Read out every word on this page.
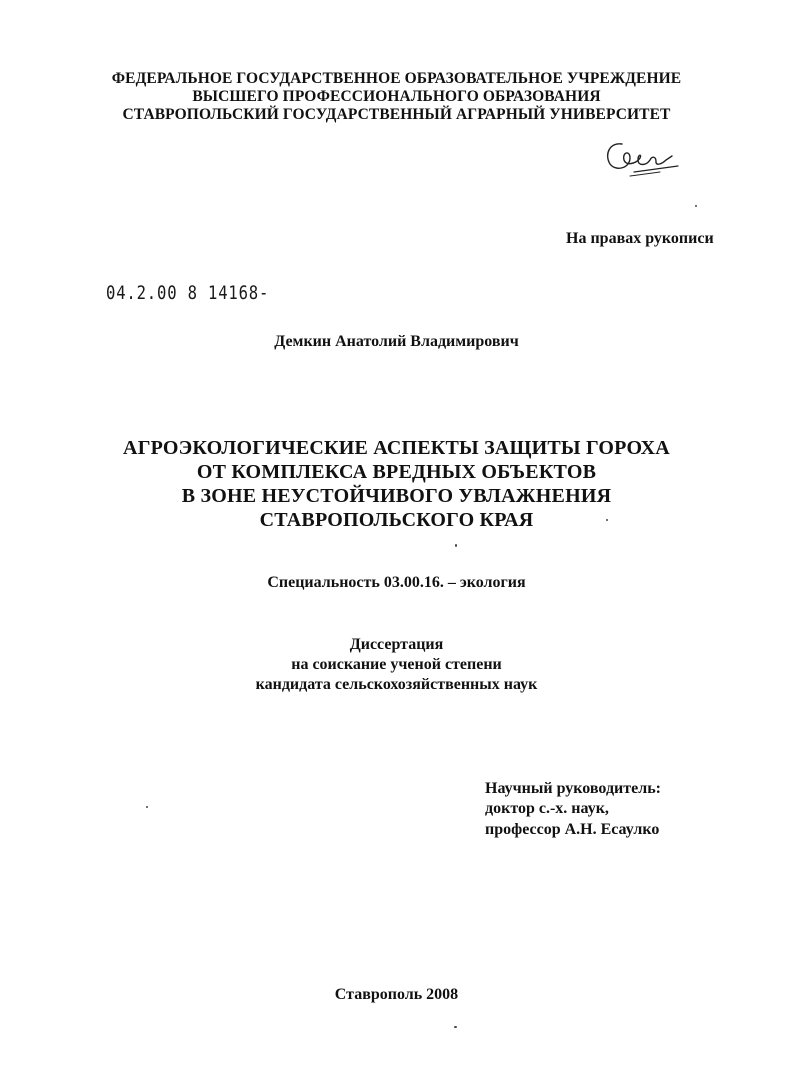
ФЕДЕРАЛЬНОЕ ГОСУДАРСТВЕННОЕ ОБРАЗОВАТЕЛЬНОЕ УЧРЕЖДЕНИЕ
ВЫСШЕГО ПРОФЕССИОНАЛЬНОГО ОБРАЗОВАНИЯ
СТАВРОПОЛЬСКИЙ ГОСУДАРСТВЕННЫЙ АГРАРНЫЙ УНИВЕРСИТЕТ
На правах рукописи
04.2.00 8 14168-
Демкин Анатолий Владимирович
АГРОЭКОЛОГИЧЕСКИЕ АСПЕКТЫ ЗАЩИТЫ ГОРОХА
ОТ КОМПЛЕКСА ВРЕДНЫХ ОБЪЕКТОВ
В ЗОНЕ НЕУСТОЙЧИВОГО УВЛАЖНЕНИЯ
СТАВРОПОЛЬСКОГО КРАЯ
Специальность 03.00.16. – экология
Диссертация
на соискание ученой степени
кандидата сельскохозяйственных наук
Научный руководитель:
доктор с.-х. наук,
профессор А.Н. Есаулко
Ставрополь 2008
